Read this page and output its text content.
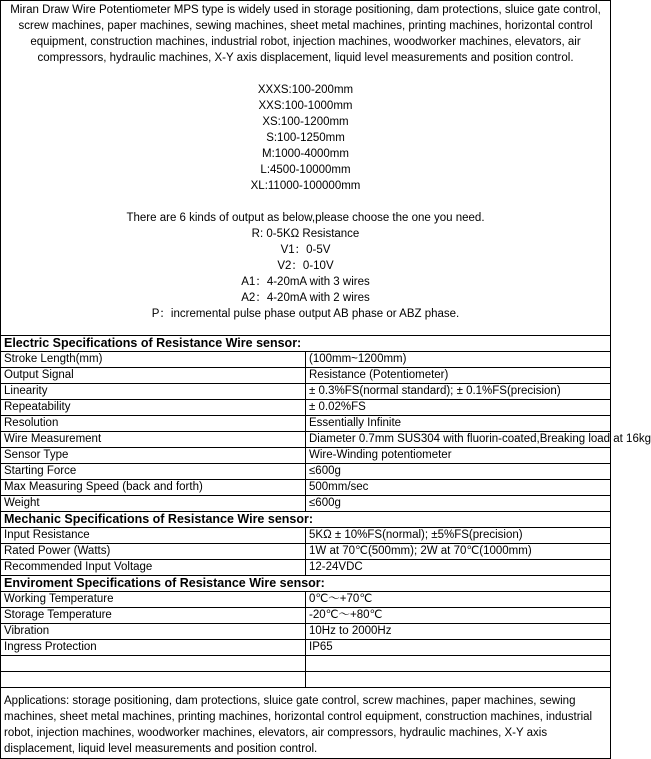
Miran Draw Wire Potentiometer MPS type is widely used in storage positioning, dam protections, sluice gate control, screw machines, paper machines, sewing machines, sheet metal machines, printing machines, horizontal control equipment, construction machines, industrial robot, injection machines, woodworker machines, elevators, air compressors, hydraulic machines, X-Y axis displacement, liquid level measurements and position control.
XXXS:100-200mm
XXS:100-1000mm
XS:100-1200mm
S:100-1250mm
M:1000-4000mm
L:4500-10000mm
XL:11000-100000mm
There are 6 kinds of output as below,please choose the one you need.
R: 0-5KΩ Resistance
V1：0-5V
V2：0-10V
A1：4-20mA with 3 wires
A2：4-20mA with 2 wires
P：incremental pulse phase output AB phase or ABZ phase.
Electric Specifications of Resistance Wire sensor:	
Stroke Length(mm)	(100mm~1200mm)
Output Signal	Resistance (Potentiometer)
Linearity	± 0.3%FS(normal standard); ± 0.1%FS(precision)
Repeatability	± 0.02%FS
Resolution	Essentially Infinite
Wire Measurement	Diameter 0.7mm SUS304 with fluorin-coated,Breaking load at 16kg
Sensor Type	Wire-Winding potentiometer
Starting Force	≤600g
Max Measuring Speed (back and forth)	500mm/sec
Weight	≤600g
Mechanic Specifications of Resistance Wire sensor:	
Input Resistance	5KΩ ± 10%FS(normal); ±5%FS(precision)
Rated Power (Watts)	1W at 70℃(500mm); 2W at 70℃(1000mm)
Recommended Input Voltage	12-24VDC
Enviroment Specifications of Resistance Wire sensor:	
Working Temperature	0℃～+70℃
Storage Temperature	-20℃～+80℃
Vibration	10Hz to 2000Hz
Ingress Protection	IP65

Applications: storage positioning, dam protections, sluice gate control, screw machines, paper machines, sewing machines, sheet metal machines, printing machines, horizontal control equipment, construction machines, industrial robot, injection machines, woodworker machines, elevators, air compressors, hydraulic machines, X-Y axis displacement, liquid level measurements and position control.
